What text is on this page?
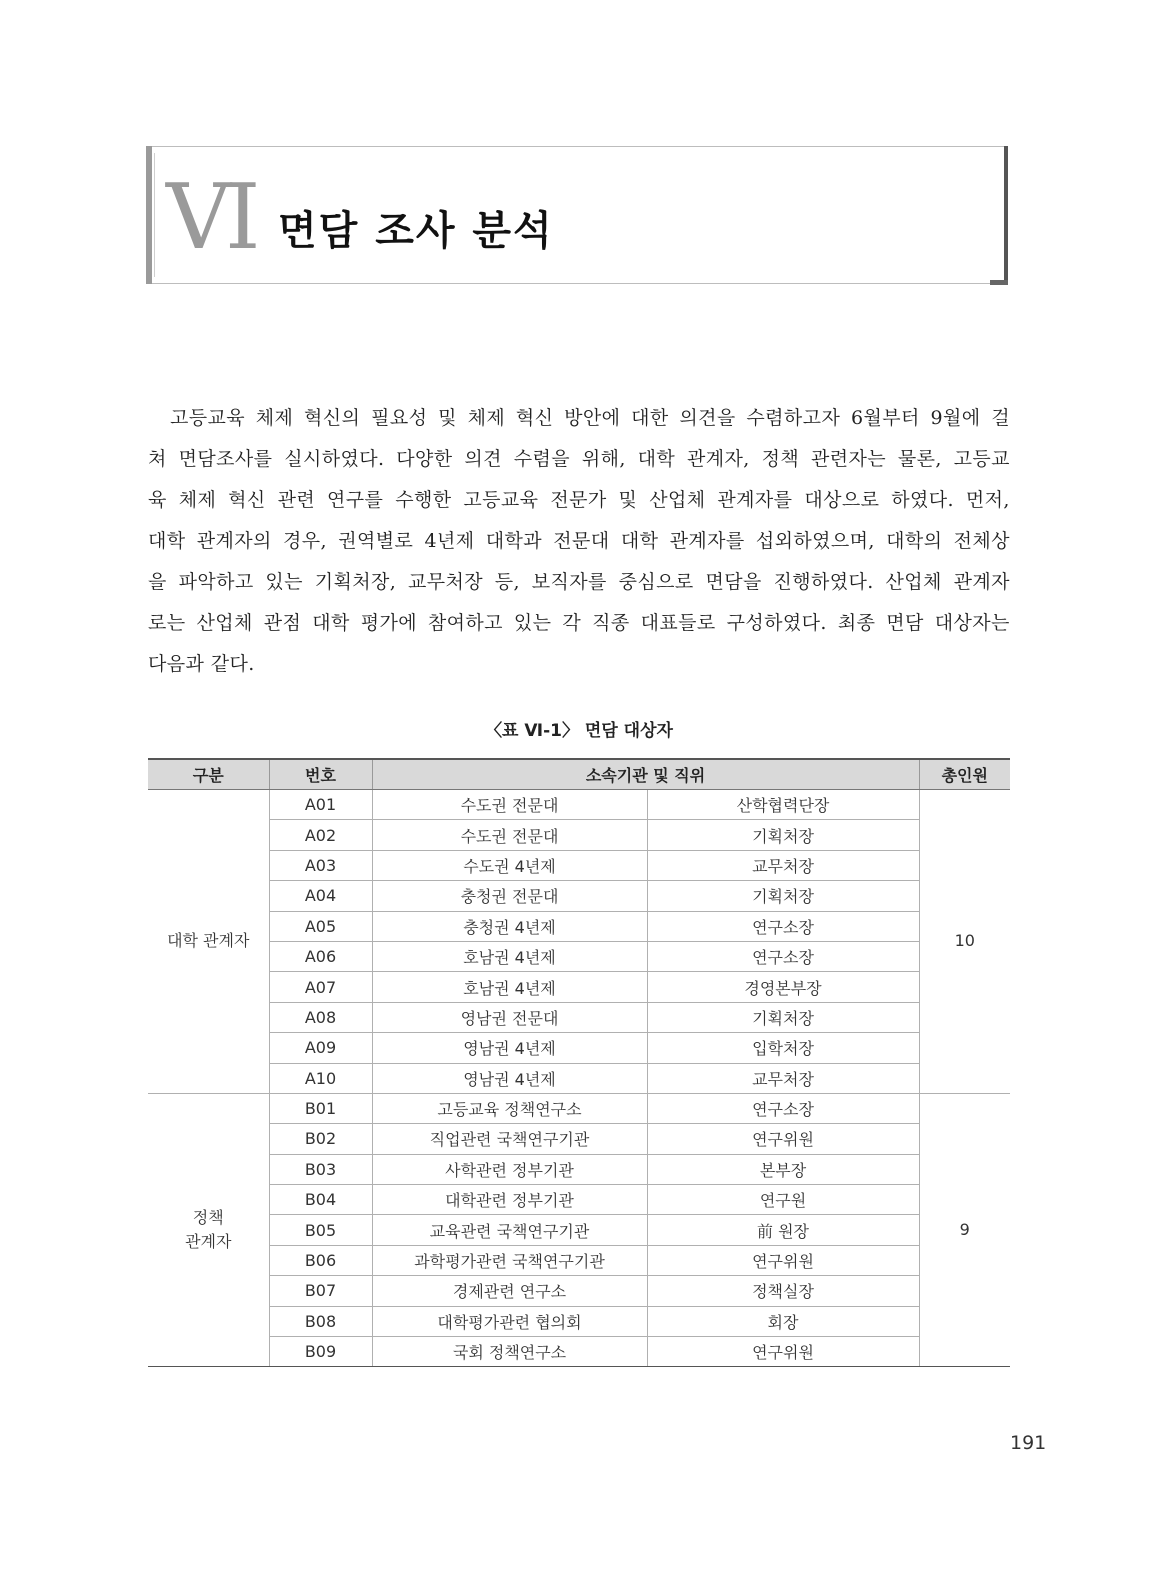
VI 면담 조사 분석
고등교육 체제 혁신의 필요성 및 체제 혁신 방안에 대한 의견을 수렴하고자 6월부터 9월에 걸
쳐 면담조사를 실시하였다. 다양한 의견 수렴을 위해, 대학 관계자, 정책 관련자는 물론, 고등교
육 체제 혁신 관련 연구를 수행한 고등교육 전문가 및 산업체 관계자를 대상으로 하였다. 먼저,
대학 관계자의 경우, 권역별로 4년제 대학과 전문대 대학 관계자를 섭외하였으며, 대학의 전체상
을 파악하고 있는 기획처장, 교무처장 등, 보직자를 중심으로 면담을 진행하였다. 산업체 관계자
로는 산업체 관점 대학 평가에 참여하고 있는 각 직종 대표들로 구성하였다. 최종 면담 대상자는
다음과 같다.
〈표 Ⅵ-1〉 면담 대상자
구분	번호	소속기관 및 직위		총인원
대학 관계자	A01	수도권 전문대	산학협력단장	10
	A02	수도권 전문대	기획처장	
	A03	수도권 4년제	교무처장	
	A04	충청권 전문대	기획처장	
	A05	충청권 4년제	연구소장	
	A06	호남권 4년제	연구소장	
	A07	호남권 4년제	경영본부장	
	A08	영남권 전문대	기획처장	
	A09	영남권 4년제	입학처장	
	A10	영남권 4년제	교무처장	
정책
관계자	B01	고등교육 정책연구소	연구소장	9
	B02	직업관련 국책연구기관	연구위원	
	B03	사학관련 정부기관	본부장	
	B04	대학관련 정부기관	연구원	
	B05	교육관련 국책연구기관	前 원장	
	B06	과학평가관련 국책연구기관	연구위원	
	B07	경제관련 연구소	정책실장	
	B08	대학평가관련 협의회	회장	
	B09	국회 정책연구소	연구위원	
191
